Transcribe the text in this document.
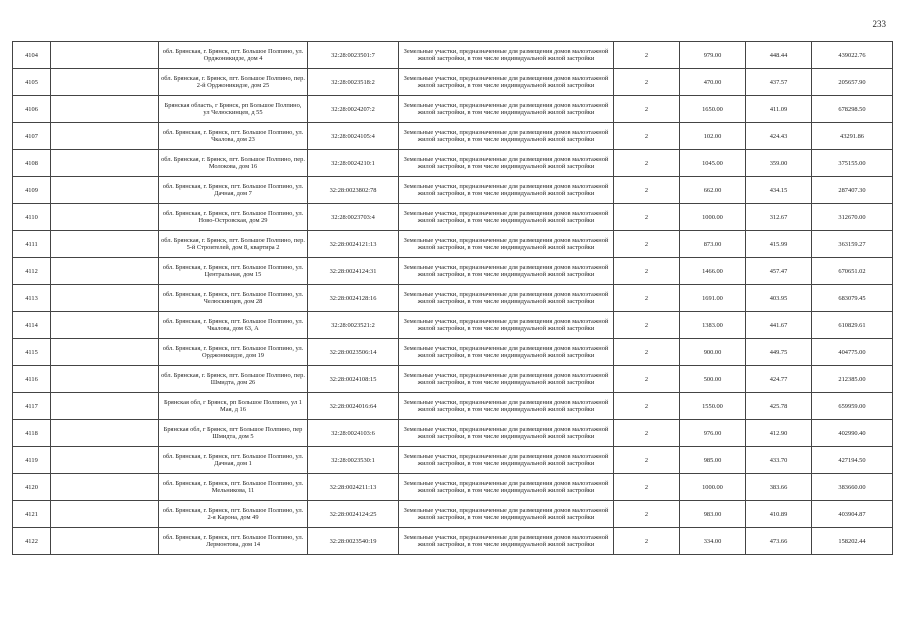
233
4104		обл. Брянская, г. Брянск, пгт. Большое Полпино, ул. Орджоникидзе, дом 4	32:28:0023501:7	Земельные участки, предназначенные для размещения домов малоэтажной жилой застройки, в том числе индивидуальной жилой застройки	2	979.00	448.44	439022.76
4105		обл. Брянская, г. Брянск, пгт. Большое Полпино, пер. 2-й Орджоникидзе, дом 25	32:28:0023518:2	Земельные участки, предназначенные для размещения домов малоэтажной жилой застройки, в том числе индивидуальной жилой застройки	2	470.00	437.57	205657.90
4106		Брянская область, г Брянск, рп Большое Полпино, ул Челюскинцев, д 55	32:28:0024207:2	Земельные участки, предназначенные для размещения домов малоэтажной жилой застройки, в том числе индивидуальной жилой застройки	2	1650.00	411.09	678298.50
4107		обл. Брянская, г. Брянск, пгт. Большое Полпино, ул. Чкалова, дом 23	32:28:0024105:4	Земельные участки, предназначенные для размещения домов малоэтажной жилой застройки, в том числе индивидуальной жилой застройки	2	102.00	424.43	43291.86
4108		обл. Брянская, г. Брянск, пгт. Большое Полпино, пер. Молокова, дом 16	32:28:0024210:1	Земельные участки, предназначенные для размещения домов малоэтажной жилой застройки, в том числе индивидуальной жилой застройки	2	1045.00	359.00	375155.00
4109		обл. Брянская, г. Брянск, пгт. Большое Полпино, ул. Дачная, дом 7	32:28:0023802:78	Земельные участки, предназначенные для размещения домов малоэтажной жилой застройки, в том числе индивидуальной жилой застройки	2	662.00	434.15	287407.30
4110		обл. Брянская, г. Брянск, пгт. Большое Полпино, ул. Ново-Островская, дом 29	32:28:0023703:4	Земельные участки, предназначенные для размещения домов малоэтажной жилой застройки, в том числе индивидуальной жилой застройки	2	1000.00	312.67	312670.00
4111		обл. Брянская, г. Брянск, пгт. Большое Полпино, пер. 5-й Строителей, дом 8, квартира 2	32:28:0024121:13	Земельные участки, предназначенные для размещения домов малоэтажной жилой застройки, в том числе индивидуальной жилой застройки	2	873.00	415.99	363159.27
4112		обл. Брянская, г. Брянск, пгт. Большое Полпино, ул. Центральная, дом 15	32:28:0024124:31	Земельные участки, предназначенные для размещения домов малоэтажной жилой застройки, в том числе индивидуальной жилой застройки	2	1466.00	457.47	670651.02
4113		обл. Брянская, г. Брянск, пгт. Большое Полпино, ул. Челюскинцев, дом 28	32:28:0024128:16	Земельные участки, предназначенные для размещения домов малоэтажной жилой застройки, в том числе индивидуальной жилой застройки	2	1691.00	403.95	683079.45
4114		обл. Брянская, г. Брянск, пгт. Большое Полпино, ул. Чкалова, дом 63, А	32:28:0023521:2	Земельные участки, предназначенные для размещения домов малоэтажной жилой застройки, в том числе индивидуальной жилой застройки	2	1383.00	441.67	610829.61
4115		обл. Брянская, г. Брянск, пгт. Большое Полпино, ул. Орджоникидзе, дом 19	32:28:0023506:14	Земельные участки, предназначенные для размещения домов малоэтажной жилой застройки, в том числе индивидуальной жилой застройки	2	900.00	449.75	404775.00
4116		обл. Брянская, г. Брянск, пгт. Большое Полпино, пер. Шмидта, дом 26	32:28:0024108:15	Земельные участки, предназначенные для размещения домов малоэтажной жилой застройки, в том числе индивидуальной жилой застройки	2	500.00	424.77	212385.00
4117		Брянская обл, г Брянск, рп Большое Полпино, ул 1 Мая, д 16	32:28:0024016:64	Земельные участки, предназначенные для размещения домов малоэтажной жилой застройки, в том числе индивидуальной жилой застройки	2	1550.00	425.78	659959.00
4118		Брянская обл, г Брянск, пгт Большое Полпино, пер Шмидта, дом 5	32:28:0024103:6	Земельные участки, предназначенные для размещения домов малоэтажной жилой застройки, в том числе индивидуальной жилой застройки	2	976.00	412.90	402990.40
4119		обл. Брянская, г. Брянск, пгт. Большое Полпино, ул. Дачная, дом 1	32:28:0023530:1	Земельные участки, предназначенные для размещения домов малоэтажной жилой застройки, в том числе индивидуальной жилой застройки	2	985.00	433.70	427194.50
4120		обл. Брянская, г. Брянск, пгт. Большое Полпино, ул. Мельникова, 11	32:28:0024211:13	Земельные участки, предназначенные для размещения домов малоэтажной жилой застройки, в том числе индивидуальной жилой застройки	2	1000.00	383.66	383660.00
4121		обл. Брянская, г. Брянск, пгт. Большое Полпино, ул. 2-я Карона, дом 49	32:28:0024124:25	Земельные участки, предназначенные для размещения домов малоэтажной жилой застройки, в том числе индивидуальной жилой застройки	2	983.00	410.89	403904.87
4122		обл. Брянская, г. Брянск, пгт. Большое Полпино, ул. Лермонтова, дом 14	32:28:0023540:19	Земельные участки, предназначенные для размещения домов малоэтажной жилой застройки, в том числе индивидуальной жилой застройки	2	334.00	473.66	158202.44
